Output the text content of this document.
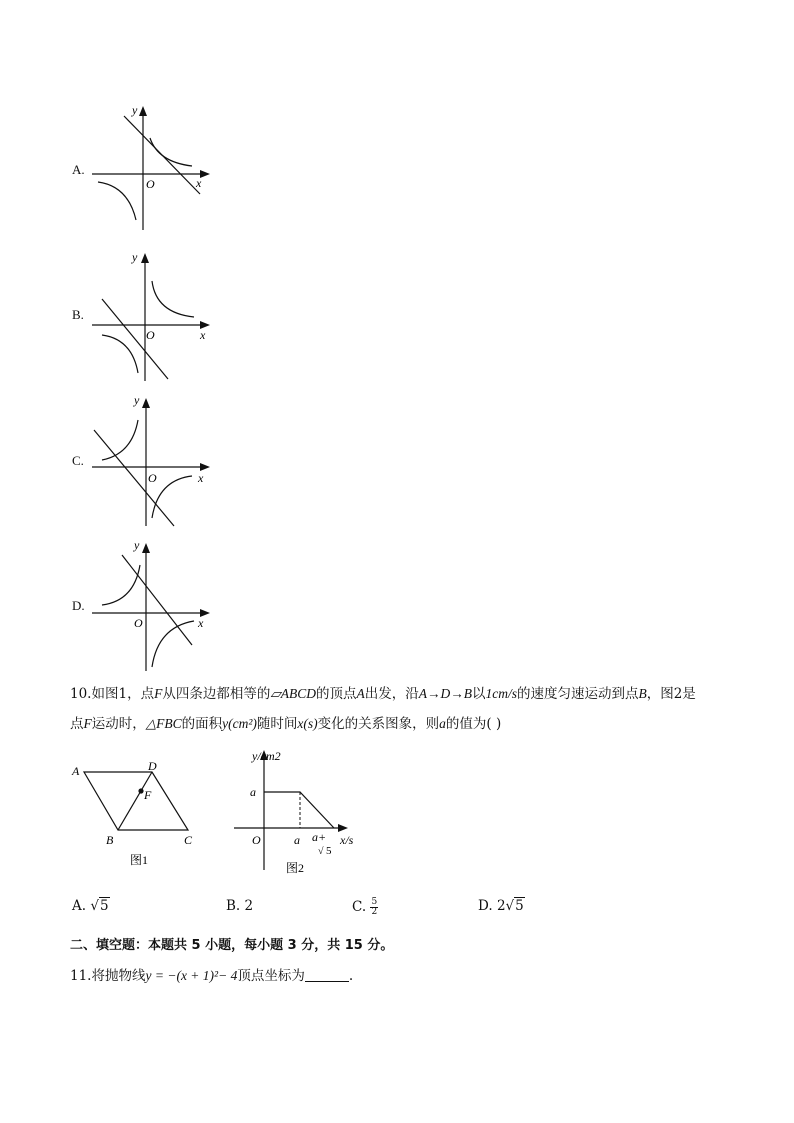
A.
y
x
O
B.
y
x
O
C.
y
x
O
D.
y
x
O
10.如图1，点F从四条边都相等的▱ABCD的顶点A出发，沿A→D→B以1cm/s的速度匀速运动到点B，图2是
点F运动时，△FBC的面积y(cm²)随时间x(s)变化的关系图象，则a的值为( )
A	D
F
B	C
图1
y/cm2
a
O	a a+
√ 5
x/s
图2
A. √5	B. 2	C. $\frac{5}{2}$	D. 2√5
二、填空题：本题共 5 小题，每小题 3 分，共 15 分。
11.将抛物线y = −(x + 1)²− 4顶点坐标为	.
